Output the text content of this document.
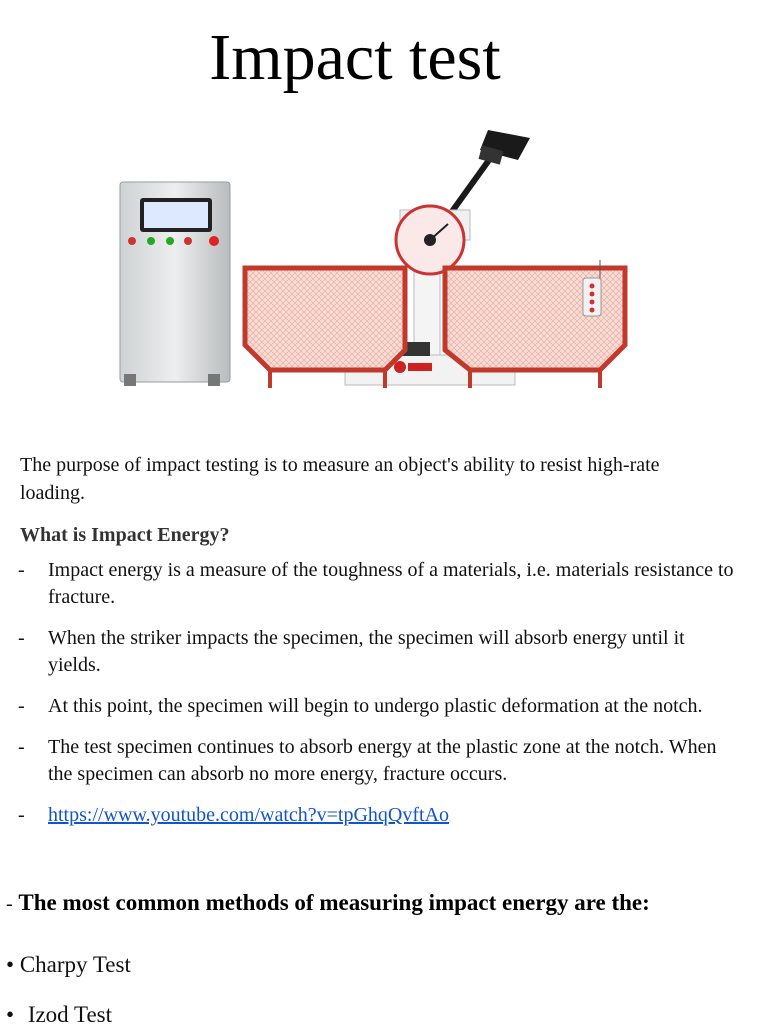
Impact test
The purpose of impact testing is to measure an object's ability to resist high-rate loading.
What is Impact Energy?
- Impact energy is a measure of the toughness of a materials, i.e. materials resistance to fracture.
- When the striker impacts the specimen, the specimen will absorb energy until it yields.
- At this point, the specimen will begin to undergo plastic deformation at the notch.
- The test specimen continues to absorb energy at the plastic zone at the notch. When the specimen can absorb no more energy, fracture occurs.
- https://www.youtube.com/watch?v=tpGhqQvftAo
- The most common methods of measuring impact energy are the:
• Charpy Test
• Izod Test
